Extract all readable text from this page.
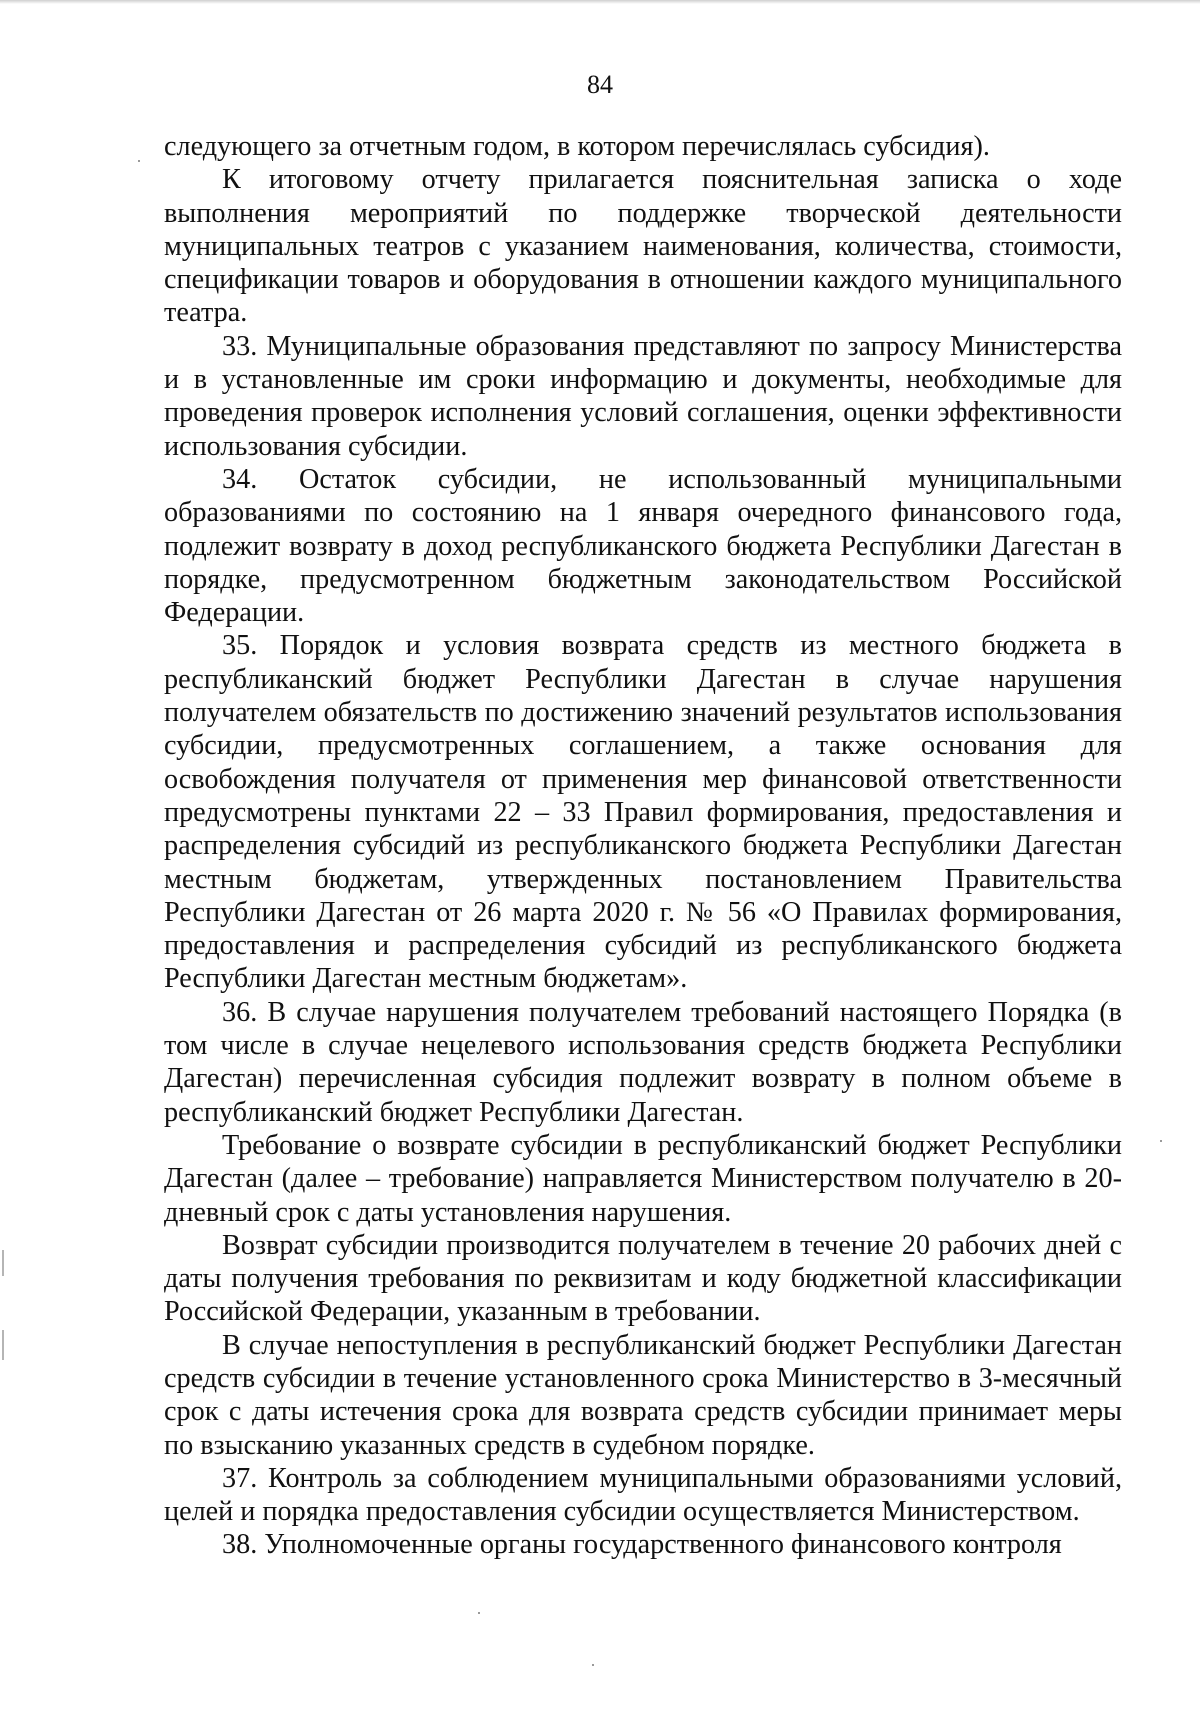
84

следующего за отчетным годом, в котором перечислялась субсидия).

К итоговому отчету прилагается пояснительная записка о ходе выполнения мероприятий по поддержке творческой деятельности муниципальных театров с указанием наименования, количества, стоимости, спецификации товаров и оборудования в отношении каждого муниципального театра.

33. Муниципальные образования представляют по запросу Министерства и в установленные им сроки информацию и документы, необходимые для проведения проверок исполнения условий соглашения, оценки эффективности использования субсидии.

34. Остаток субсидии, не использованный муниципальными образованиями по состоянию на 1 января очередного финансового года, подлежит возврату в доход республиканского бюджета Республики Дагестан в порядке, предусмотренном бюджетным законодательством Российской Федерации.

35. Порядок и условия возврата средств из местного бюджета в республиканский бюджет Республики Дагестан в случае нарушения получателем обязательств по достижению значений результатов использования субсидии, предусмотренных соглашением, а также основания для освобождения получателя от применения мер финансовой ответственности предусмотрены пунктами 22 – 33 Правил формирования, предоставления и распределения субсидий из республиканского бюджета Республики Дагестан местным бюджетам, утвержденных постановлением Правительства Республики Дагестан от 26 марта 2020 г. № 56 «О Правилах формирования, предоставления и распределения субсидий из республиканского бюджета Республики Дагестан местным бюджетам».

36. В случае нарушения получателем требований настоящего Порядка (в том числе в случае нецелевого использования средств бюджета Республики Дагестан) перечисленная субсидия подлежит возврату в полном объеме в республиканский бюджет Республики Дагестан.

Требование о возврате субсидии в республиканский бюджет Республики Дагестан (далее – требование) направляется Министерством получателю в 20-дневный срок с даты установления нарушения.

Возврат субсидии производится получателем в течение 20 рабочих дней с даты получения требования по реквизитам и коду бюджетной классификации Российской Федерации, указанным в требовании.

В случае непоступления в республиканский бюджет Республики Дагестан средств субсидии в течение установленного срока Министерство в 3-месячный срок с даты истечения срока для возврата средств субсидии принимает меры по взысканию указанных средств в судебном порядке.

37. Контроль за соблюдением муниципальными образованиями условий, целей и порядка предоставления субсидии осуществляется Министерством.

38. Уполномоченные органы государственного финансового контроля
